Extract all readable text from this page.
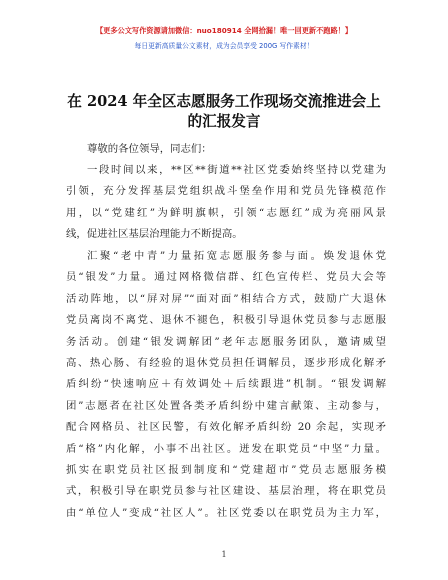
【更多公文写作资源请加微信：nuo180914 全网拾漏！唯一回更新不跑路！】
每日更新高质量公文素材，成为会员享受 200G 写作素材！
在 2024 年全区志愿服务工作现场交流推进会上
的汇报发言
尊敬的各位领导，同志们：
一段时间以来，**区**街道**社区党委始终坚持以党建为
引领，充分发挥基层党组织战斗堡垒作用和党员先锋模范作
用，以“党建红”为鲜明旗帜，引领“志愿红”成为亮丽风景
线，促进社区基层治理能力不断提高。
汇聚“老中青”力量拓宽志愿服务参与面。焕发退休党
员“银发”力量。通过网格微信群、红色宣传栏、党员大会等
活动阵地，以“屏对屏”“面对面”相结合方式，鼓励广大退休
党员离岗不离党、退休不褪色，积极引导退休党员参与志愿服
务活动。创建“银发调解团”老年志愿服务团队，邀请威望
高、热心肠、有经验的退休党员担任调解员，逐步形成化解矛
盾纠纷“快速响应＋有效调处＋后续跟进”机制。“银发调解
团”志愿者在社区处置各类矛盾纠纷中建言献策、主动参与，
配合网格员、社区民警，有效化解矛盾纠纷 20 余起，实现矛
盾“格”内化解，小事不出社区。迸发在职党员“中坚”力量。
抓实在职党员社区报到制度和“党建超市”党员志愿服务模
式，积极引导在职党员参与社区建设、基层治理，将在职党员
由“单位人”变成“社区人”。社区党委以在职党员为主力军，
1
